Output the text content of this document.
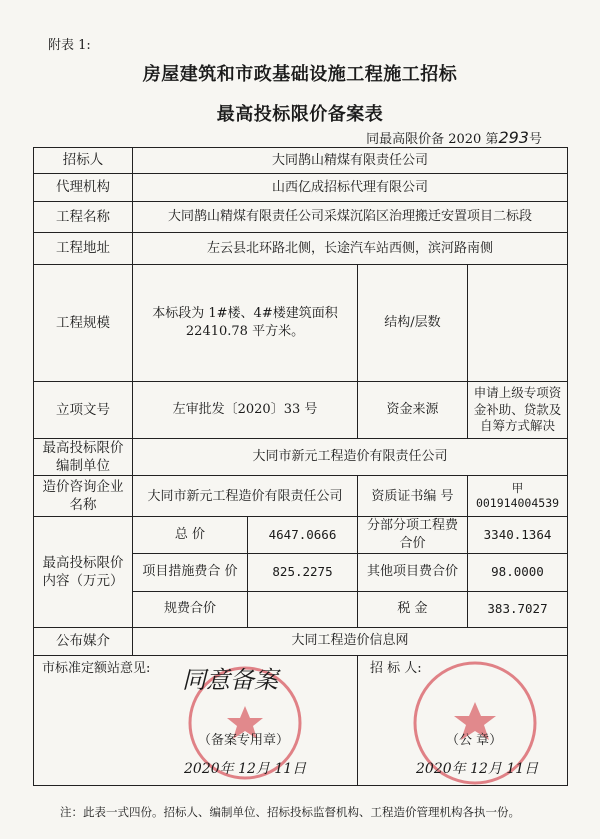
附表 1:
房屋建筑和市政基础设施工程施工招标
最高投标限价备案表
同最高限价备 2020 第293号
招标人	大同鹊山精煤有限责任公司			
代理机构	山西亿成招标代理有限公司			
工程名称	大同鹊山精煤有限责任公司采煤沉陷区治理搬迁安置项目二标段			
工程地址	左云县北环路北侧，长途汽车站西侧，滨河路南侧			
工程规模	本标段为 1#楼、4#楼建筑面积 22410.78 平方米。		结构/层数	
立项文号	左审批发〔2020〕33 号		资金来源	申请上级专项资金补助、贷款及自筹方式解决
最高投标限价编制单位	大同市新元工程造价有限责任公司			
造价咨询企业名称	大同市新元工程造价有限责任公司		资质证书编 号	甲 001914004539
最高投标限价内容（万元）	总 价	4647.0666	分部分项工程费合价	3340.1364
	项目措施费合 价	825.2275	其他项目费合价	98.0000
	规费合价		税 金	383.7027
公布媒介	大同工程造价信息网			

市标准定额站意见: 同意备案
（备案专用章）
2020年 12月 11日			招 标 人:
（公 章）
2020年 12月 11日	
注：此表一式四份。招标人、编制单位、招标投标监督机构、工程造价管理机构各执一份。
